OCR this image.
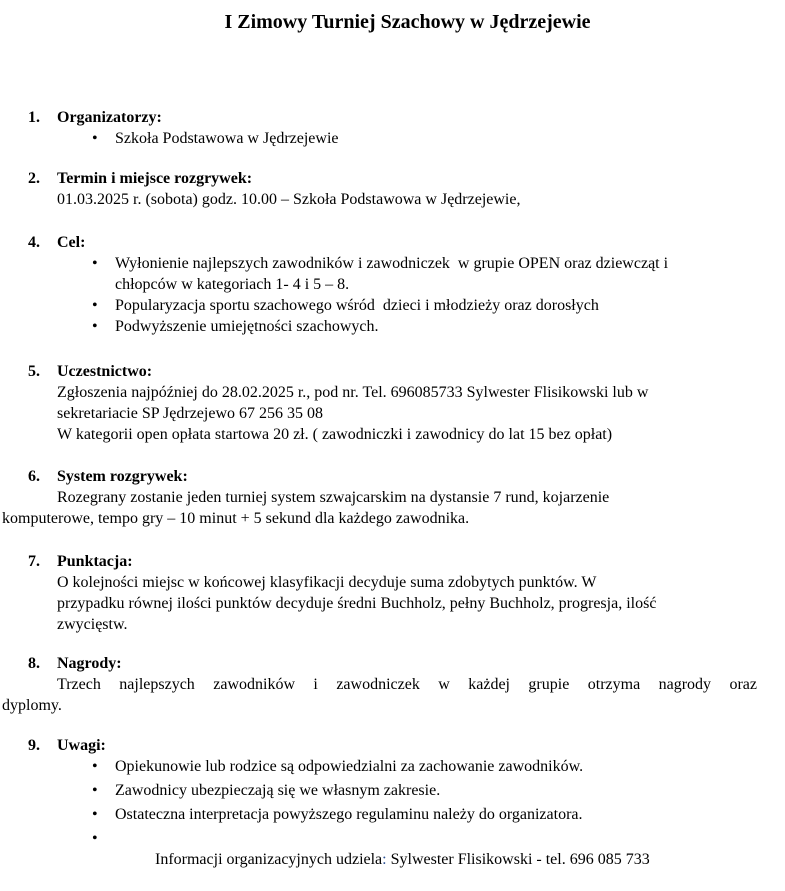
I Zimowy Turniej Szachowy w Jędrzejewie
1. Organizatorzy:
• Szkoła Podstawowa w Jędrzejewie
2. Termin i miejsce rozgrywek:
01.03.2025 r. (sobota) godz. 10.00 – Szkoła Podstawowa w Jędrzejewie,
4. Cel:
• Wyłonienie najlepszych zawodników i zawodniczek  w grupie OPEN oraz dziewcząt i
chłopców w kategoriach 1- 4 i 5 – 8.
• Popularyzacja sportu szachowego wśród  dzieci i młodzieży oraz dorosłych
• Podwyższenie umiejętności szachowych.
5. Uczestnictwo:
Zgłoszenia najpóźniej do 28.02.2025 r., pod nr. Tel. 696085733 Sylwester Flisikowski lub w
sekretariacie SP Jędrzejewo 67 256 35 08
W kategorii open opłata startowa 20 zł. ( zawodniczki i zawodnicy do lat 15 bez opłat)
6. System rozgrywek:
Rozegrany zostanie jeden turniej system szwajcarskim na dystansie 7 rund, kojarzenie
komputerowe, tempo gry – 10 minut + 5 sekund dla każdego zawodnika.
7. Punktacja:
O kolejności miejsc w końcowej klasyfikacji decyduje suma zdobytych punktów. W
przypadku równej ilości punktów decyduje średni Buchholz, pełny Buchholz, progresja, ilość
zwycięstw.
8. Nagrody:
Trzech najlepszych zawodników i zawodniczek w każdej grupie otrzyma nagrody oraz
dyplomy.
9. Uwagi:
• Opiekunowie lub rodzice są odpowiedzialni za zachowanie zawodników.
• Zawodnicy ubezpieczają się we własnym zakresie.
• Ostateczna interpretacja powyższego regulaminu należy do organizatora.

• Informacji organizacyjnych udziela: Sylwester Flisikowski - tel. 696 085 733
